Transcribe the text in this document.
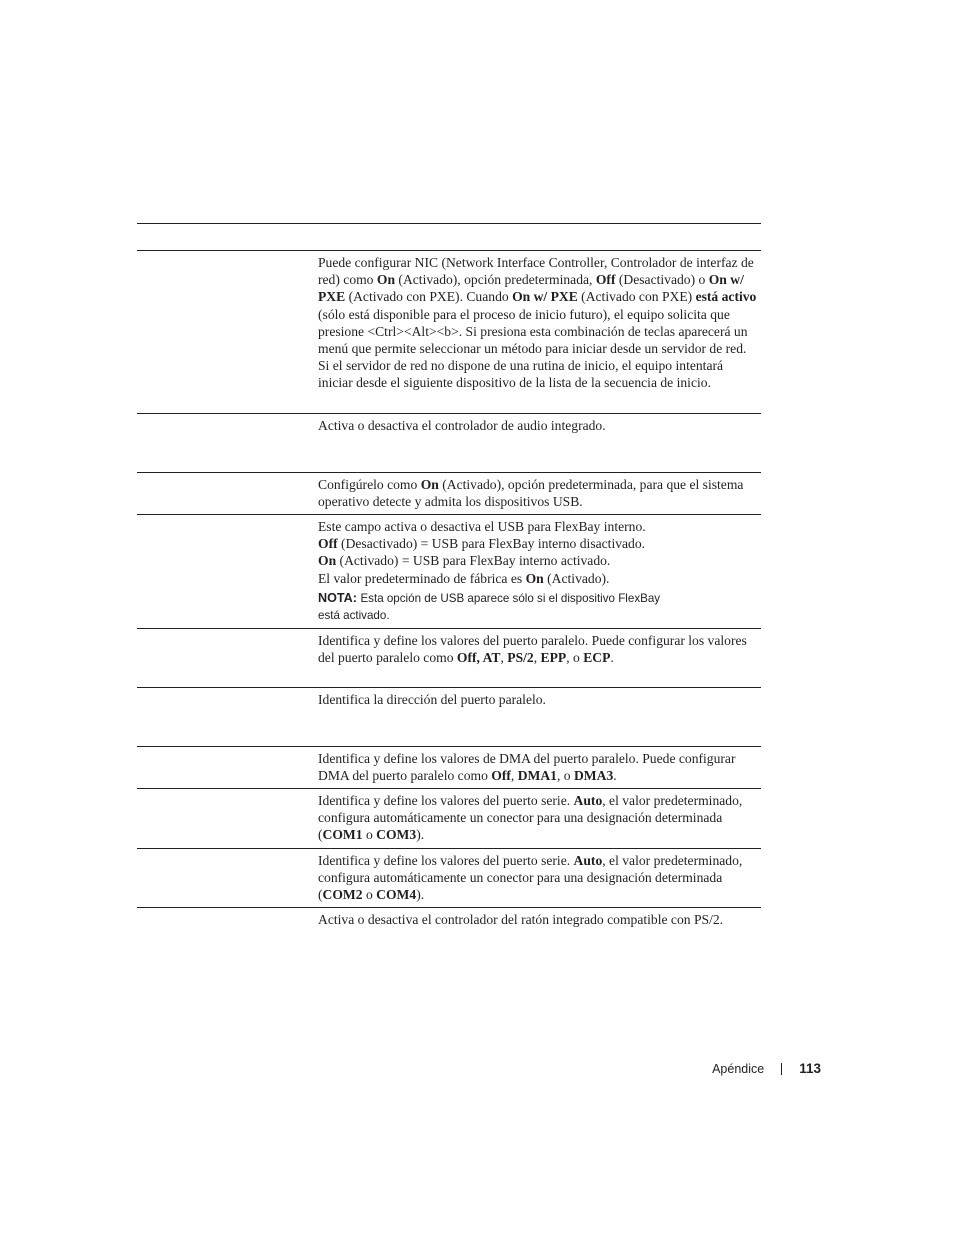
Puede configurar NIC (Network Interface Controller, Controlador de interfaz de red) como On (Activado), opción predeterminada, Off (Desactivado) o On w/ PXE (Activado con PXE). Cuando On w/ PXE (Activado con PXE) está activo (sólo está disponible para el proceso de inicio futuro), el equipo solicita que presione <Ctrl><Alt><b>. Si presiona esta combinación de teclas aparecerá un menú que permite seleccionar un método para iniciar desde un servidor de red. Si el servidor de red no dispone de una rutina de inicio, el equipo intentará iniciar desde el siguiente dispositivo de la lista de la secuencia de inicio.

Activa o desactiva el controlador de audio integrado.

Configúrelo como On (Activado), opción predeterminada, para que el sistema operativo detecte y admita los dispositivos USB.

Este campo activa o desactiva el USB para FlexBay interno.

Off (Desactivado) = USB para FlexBay interno disactivado.

On (Activado) = USB para FlexBay interno activado.

El valor predeterminado de fábrica es On (Activado).

NOTA: Esta opción de USB aparece sólo si el dispositivo FlexBay
está activado.

Identifica y define los valores del puerto paralelo. Puede configurar los valores del puerto paralelo como Off, AT, PS/2, EPP, o ECP.

Identifica la dirección del puerto paralelo.

Identifica y define los valores de DMA del puerto paralelo. Puede configurar DMA del puerto paralelo como Off, DMA1, o DMA3.

Identifica y define los valores del puerto serie. Auto, el valor predeterminado, configura automáticamente un conector para una designación determinada (COM1 o COM3).

Identifica y define los valores del puerto serie. Auto, el valor predeterminado, configura automáticamente un conector para una designación determinada (COM2 o COM4).

Activa o desactiva el controlador del ratón integrado compatible con PS/2.

Apéndice	113
